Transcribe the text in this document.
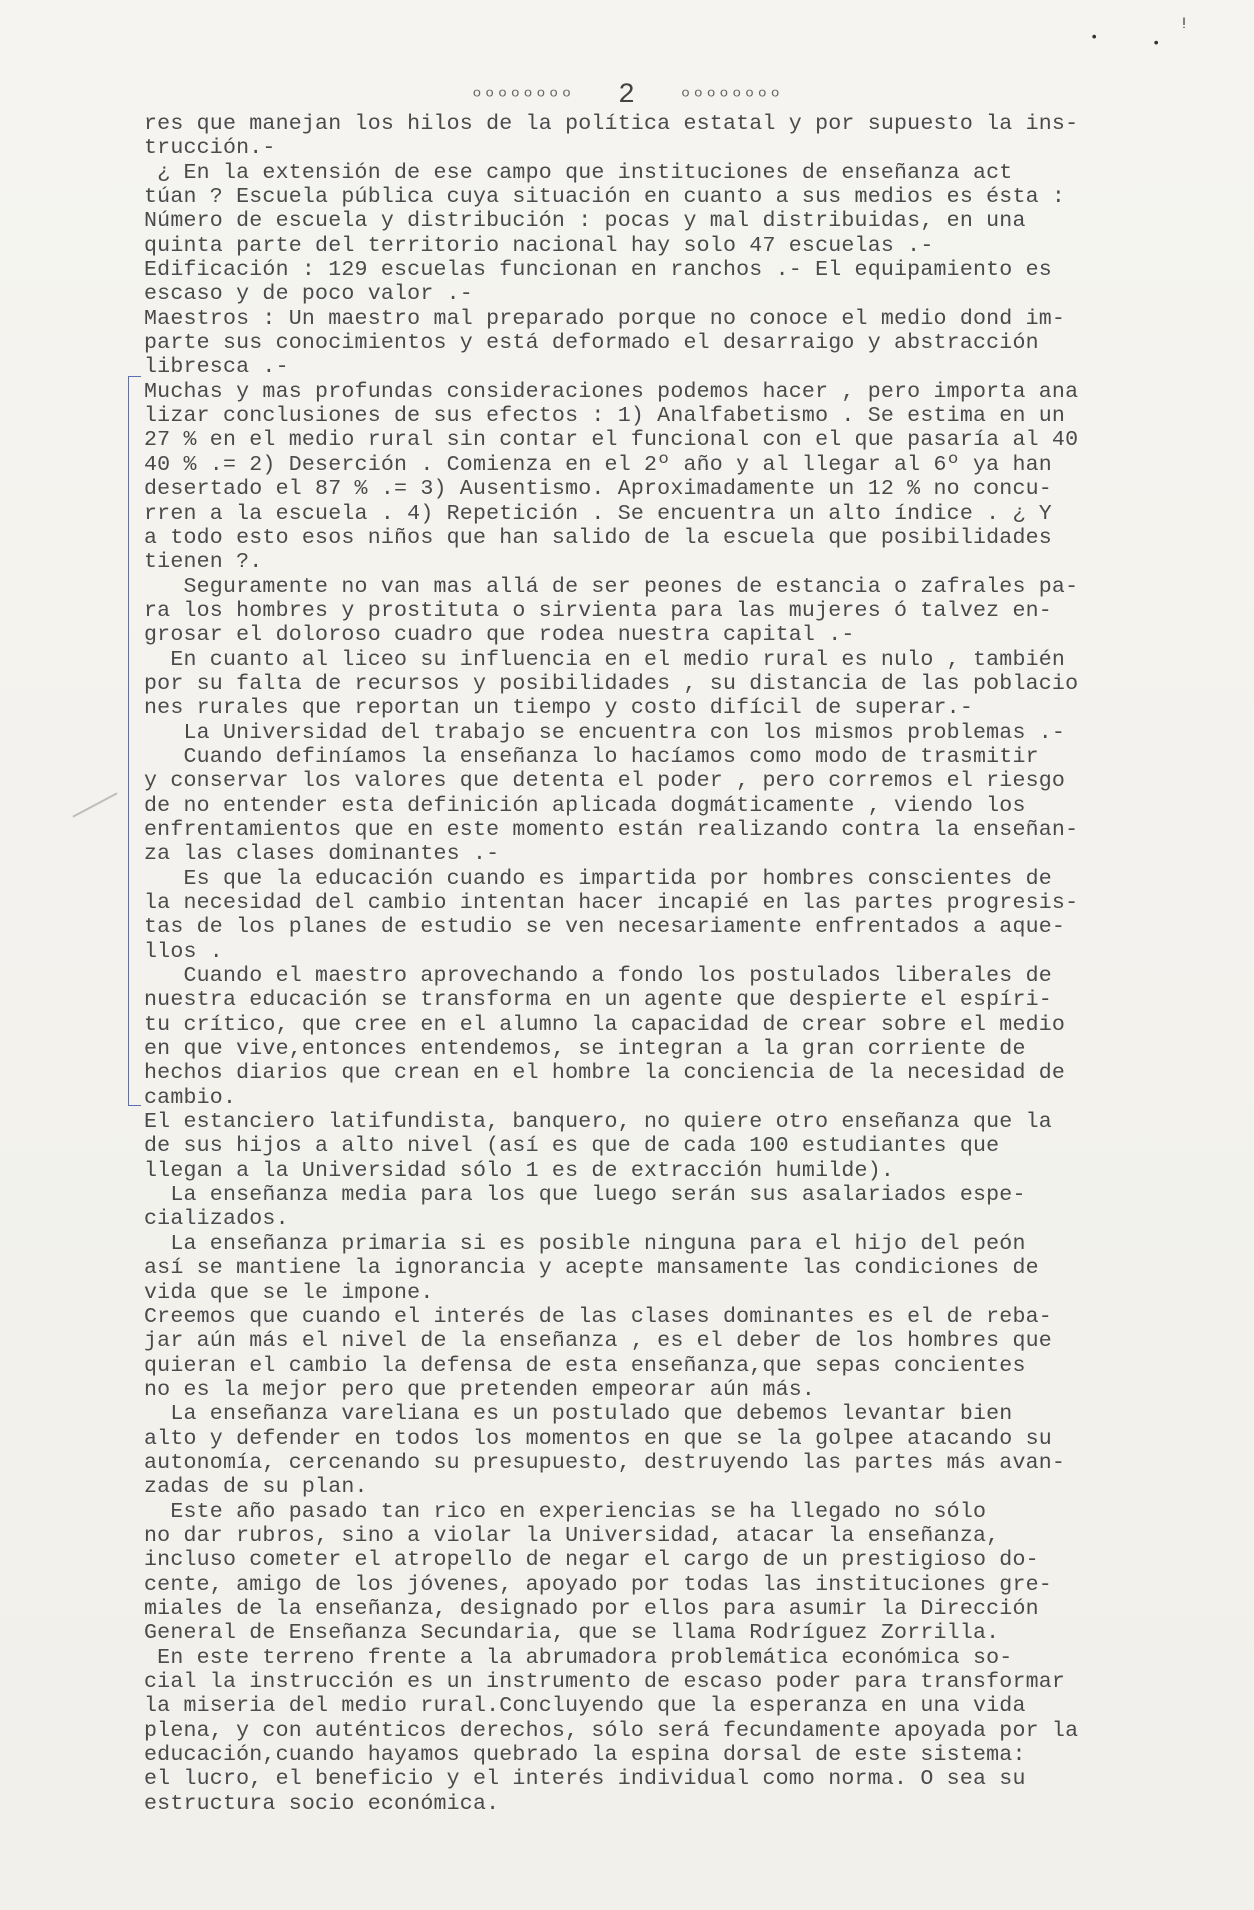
ᵎ
•	•
ºººººººº 2 ºººººººº
res que manejan los hilos de la política estatal y por supuesto la ins-
trucción.-
¿ En la extensión de ese campo que instituciones de enseñanza act
túan ? Escuela pública cuya situación en cuanto a sus medios es ésta :
Número de escuela y distribución : pocas y mal distribuidas, en una
quinta parte del territorio nacional hay solo 47 escuelas .-
Edificación : 129 escuelas funcionan en ranchos .- El equipamiento es
escaso y de poco valor .-
Maestros : Un maestro mal preparado porque no conoce el medio dond im-
parte sus conocimientos y está deformado el desarraigo y abstracción
libresca .-
Muchas y mas profundas consideraciones podemos hacer , pero importa ana
lizar conclusiones de sus efectos : 1) Analfabetismo . Se estima en un
27 % en el medio rural sin contar el funcional con el que pasaría al 40
40 % .= 2) Deserción . Comienza en el 2º año y al llegar al 6º ya han
desertado el 87 % .= 3) Ausentismo. Aproximadamente un 12 % no concu-
rren a la escuela . 4) Repetición . Se encuentra un alto índice . ¿ Y
a todo esto esos niños que han salido de la escuela que posibilidades
tienen ?.
Seguramente no van mas allá de ser peones de estancia o zafrales pa-
ra los hombres y prostituta o sirvienta para las mujeres ó talvez en-
grosar el doloroso cuadro que rodea nuestra capital .-
En cuanto al liceo su influencia en el medio rural es nulo , también
por su falta de recursos y posibilidades , su distancia de las poblacio
nes rurales que reportan un tiempo y costo difícil de superar.-
La Universidad del trabajo se encuentra con los mismos problemas .-
Cuando definíamos la enseñanza lo hacíamos como modo de trasmitir
y conservar los valores que detenta el poder , pero corremos el riesgo
de no entender esta definición aplicada dogmáticamente , viendo los
enfrentamientos que en este momento están realizando contra la enseñan-
za las clases dominantes .-
Es que la educación cuando es impartida por hombres conscientes de
la necesidad del cambio intentan hacer incapié en las partes progresis-
tas de los planes de estudio se ven necesariamente enfrentados a aque-
llos .
Cuando el maestro aprovechando a fondo los postulados liberales de
nuestra educación se transforma en un agente que despierte el espíri-
tu crítico, que cree en el alumno la capacidad de crear sobre el medio
en que vive,entonces entendemos, se integran a la gran corriente de
hechos diarios que crean en el hombre la conciencia de la necesidad de
cambio.
El estanciero latifundista, banquero, no quiere otro enseñanza que la
de sus hijos a alto nivel (así es que de cada 100 estudiantes que
llegan a la Universidad sólo 1 es de extracción humilde).
La enseñanza media para los que luego serán sus asalariados espe-
cializados.
La enseñanza primaria si es posible ninguna para el hijo del peón
así se mantiene la ignorancia y acepte mansamente las condiciones de
vida que se le impone.
Creemos que cuando el interés de las clases dominantes es el de reba-
jar aún más el nivel de la enseñanza , es el deber de los hombres que
quieran el cambio la defensa de esta enseñanza,que sepas concientes
no es la mejor pero que pretenden empeorar aún más.
La enseñanza vareliana es un postulado que debemos levantar bien
alto y defender en todos los momentos en que se la golpee atacando su
autonomía, cercenando su presupuesto, destruyendo las partes más avan-
zadas de su plan.
Este año pasado tan rico en experiencias se ha llegado no sólo
no dar rubros, sino a violar la Universidad, atacar la enseñanza,
incluso cometer el atropello de negar el cargo de un prestigioso do-
cente, amigo de los jóvenes, apoyado por todas las instituciones gre-
miales de la enseñanza, designado por ellos para asumir la Dirección
General de Enseñanza Secundaria, que se llama Rodríguez Zorrilla.
En este terreno frente a la abrumadora problemática económica so-
cial la instrucción es un instrumento de escaso poder para transformar
la miseria del medio rural.Concluyendo que la esperanza en una vida
plena, y con auténticos derechos, sólo será fecundamente apoyada por la
educación,cuando hayamos quebrado la espina dorsal de este sistema:
el lucro, el beneficio y el interés individual como norma. O sea su
estructura socio económica.
